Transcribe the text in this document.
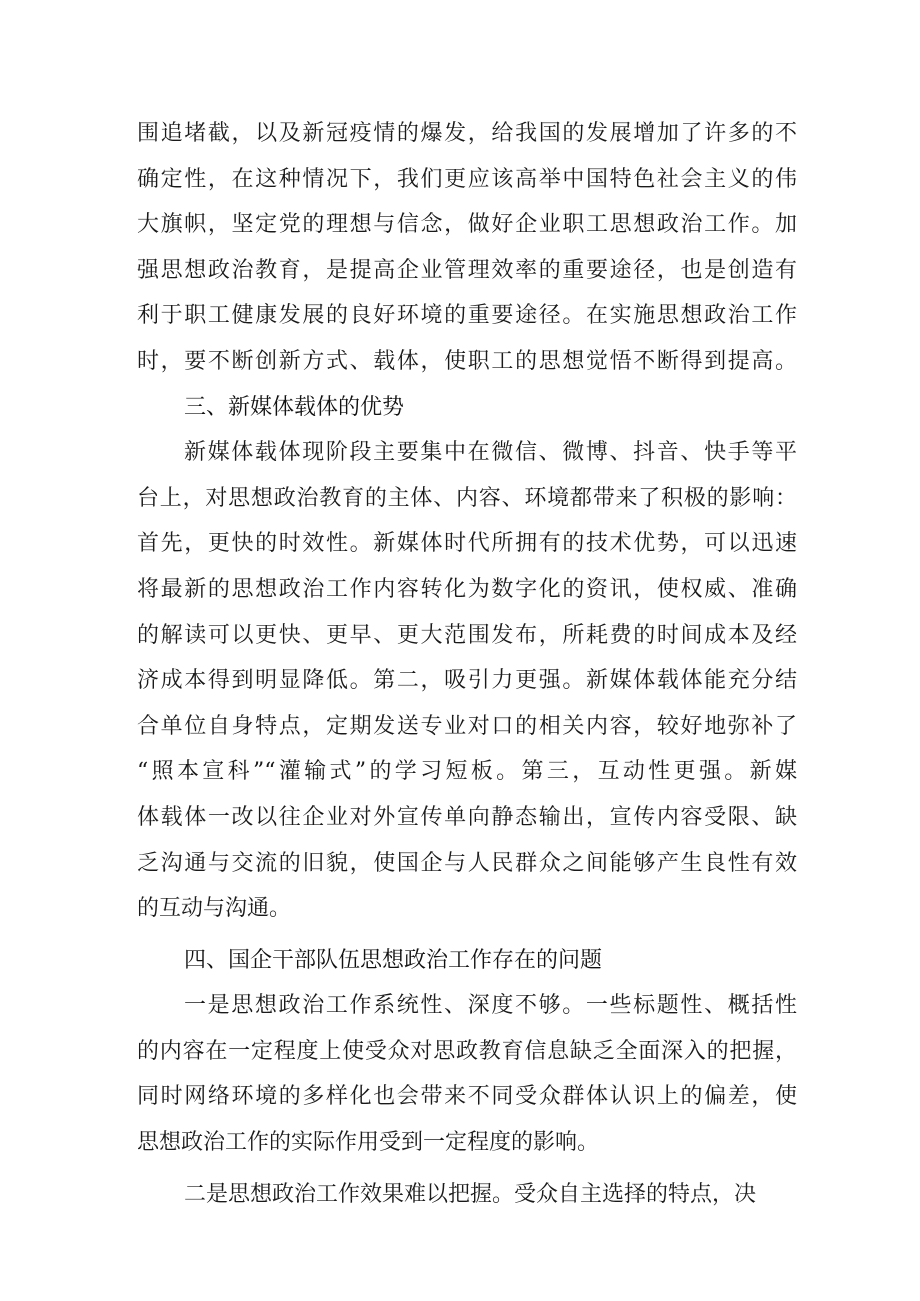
围追堵截，以及新冠疫情的爆发，给我国的发展增加了许多的不
确定性，在这种情况下，我们更应该高举中国特色社会主义的伟
大旗帜，坚定党的理想与信念，做好企业职工思想政治工作。加
强思想政治教育，是提高企业管理效率的重要途径，也是创造有
利于职工健康发展的良好环境的重要途径。在实施思想政治工作
时，要不断创新方式、载体，使职工的思想觉悟不断得到提高。
三、新媒体载体的优势
新媒体载体现阶段主要集中在微信、微博、抖音、快手等平
台上，对思想政治教育的主体、内容、环境都带来了积极的影响：
首先，更快的时效性。新媒体时代所拥有的技术优势，可以迅速
将最新的思想政治工作内容转化为数字化的资讯，使权威、准确
的解读可以更快、更早、更大范围发布，所耗费的时间成本及经
济成本得到明显降低。第二，吸引力更强。新媒体载体能充分结
合单位自身特点，定期发送专业对口的相关内容，较好地弥补了
“照本宣科”“灌输式”的学习短板。第三，互动性更强。新媒
体载体一改以往企业对外宣传单向静态输出，宣传内容受限、缺
乏沟通与交流的旧貌，使国企与人民群众之间能够产生良性有效
的互动与沟通。
四、国企干部队伍思想政治工作存在的问题
一是思想政治工作系统性、深度不够。一些标题性、概括性
的内容在一定程度上使受众对思政教育信息缺乏全面深入的把握，
同时网络环境的多样化也会带来不同受众群体认识上的偏差，使
思想政治工作的实际作用受到一定程度的影响。
二是思想政治工作效果难以把握。受众自主选择的特点，决
